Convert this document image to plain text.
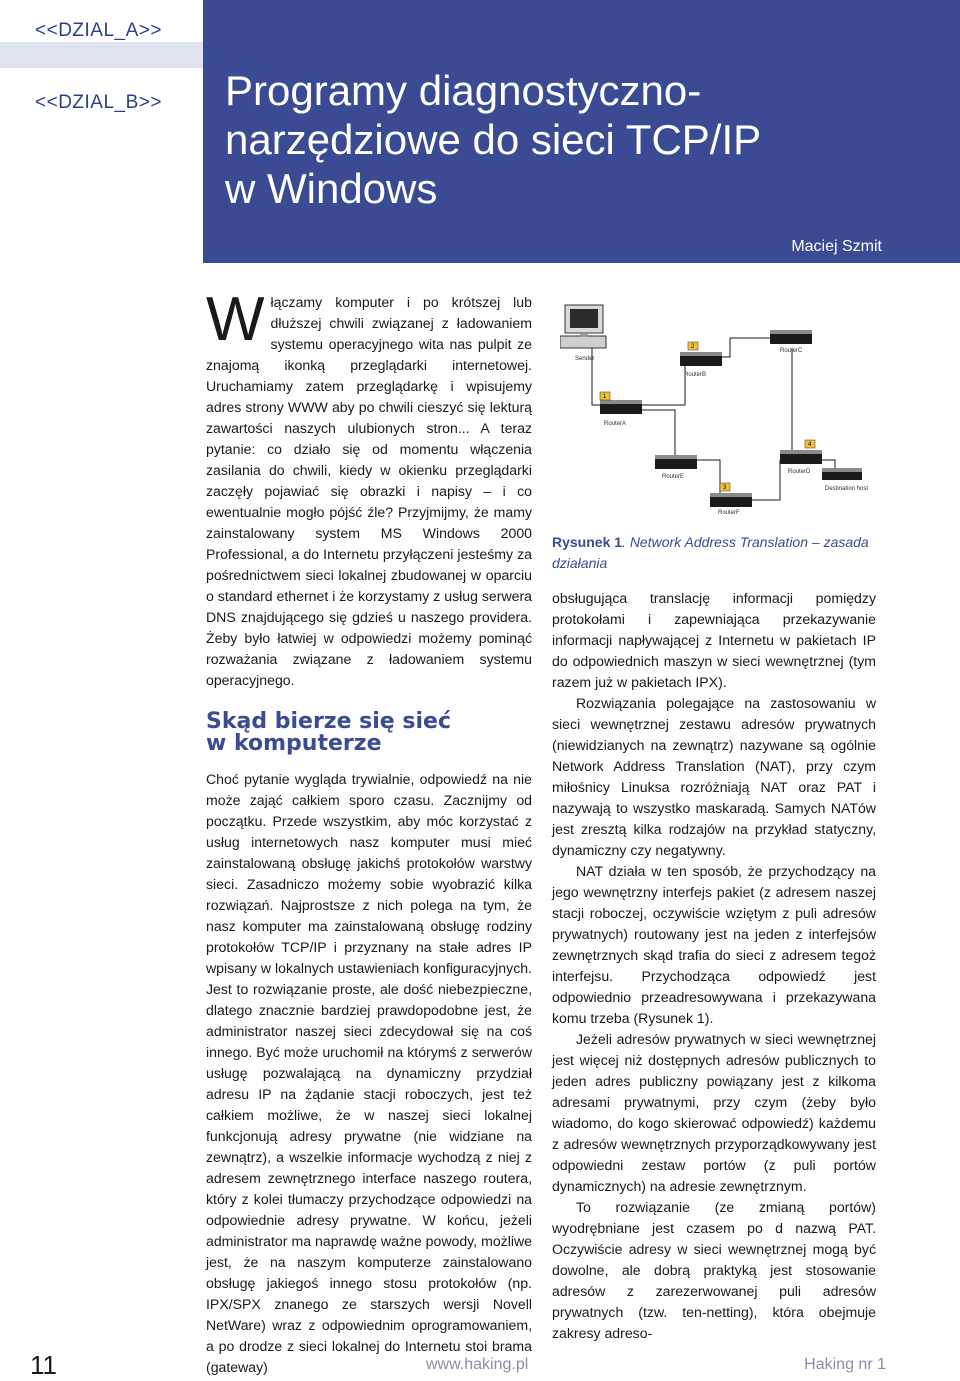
<<DZIAL_A>>
<<DZIAL_B>> Programy diagnostyczno-
narzędziowe do sieci TCP/IP
w Windows
Maciej Szmit

Włączamy komputer i po krótszej lub dłuższej chwili związanej z ładowaniem systemu operacyjnego wita nas pulpit ze znajomą ikonką przeglądarki internetowej. Uruchamiamy zatem przeglądarkę i wpisujemy adres strony WWW aby po chwili cieszyć się lekturą zawartości naszych ulubionych stron... A teraz pytanie: co działo się od momentu włączenia zasilania do chwili, kiedy w okienku przeglądarki zaczęły pojawiać się obrazki i napisy – i co ewentualnie mogło pójść źle? Przyjmijmy, że mamy zainstalowany system MS Windows 2000 Professional, a do Internetu przyłączeni jesteśmy za pośrednictwem sieci lokalnej zbudowanej w oparciu o standard ethernet i że korzystamy z usług serwera DNS znajdującego się gdzieś u naszego providera. Żeby było łatwiej w odpowiedzi możemy pominąć rozważania związane z ładowaniem systemu operacyjnego.

Skąd bierze się sieć
w komputerze

Choć pytanie wygląda trywialnie, odpowiedź na nie może zająć całkiem sporo czasu. Zacznijmy od początku. Przede wszystkim, aby móc korzystać z usług internetowych nasz komputer musi mieć zainstalowaną obsługę jakichś protokołów warstwy sieci. Zasadniczo możemy sobie wyobrazić kilka rozwiązań. Najprostsze z nich polega na tym, że nasz komputer ma zainstalowaną obsługę rodziny protokołów TCP/IP i przyznany na stałe adres IP wpisany w lokalnych ustawieniach konfiguracyjnych. Jest to rozwiązanie proste, ale dość niebezpieczne, dlatego znacznie bardziej prawdopodobne jest, że administrator naszej sieci zdecydował się na coś innego. Być może uruchomił na którymś z serwerów usługę pozwalającą na dynamiczny przydział adresu IP na żądanie stacji roboczych, jest też całkiem możliwe, że w naszej sieci lokalnej funkcjonują adresy prywatne (nie widziane na zewnątrz), a wszelkie informacje wychodzą z niej z adresem zewnętrznego interface naszego routera, który z kolei tłumaczy przychodzące odpowiedzi na odpowiednie adresy prywatne. W końcu, jeżeli administrator ma naprawdę ważne powody, możliwe jest, że na naszym komputerze zainstalowano obsługę jakiegoś innego stosu protokołów (np. IPX/SPX znanego ze starszych wersji Novell NetWare) wraz z odpowiednim oprogramowaniem, a po drodze z sieci lokalnej do Internetu stoi brama (gateway)

Sender
1
RouterA
2
RouterB
RouterC
RouterE
4
RouterD
3
RouterF
Destination host
Rysunek 1. Network Address Translation – zasada działania

obsługująca translację informacji pomiędzy protokołami i zapewniająca przekazywanie informacji napływającej z Internetu w pakietach IP do odpowiednich maszyn w sieci wewnętrznej (tym razem już w pakietach IPX).

Rozwiązania polegające na zastosowaniu w sieci wewnętrznej zestawu adresów prywatnych (niewidzianych na zewnątrz) nazywane są ogólnie Network Address Translation (NAT), przy czym miłośnicy Linuksa rozróżniają NAT oraz PAT i nazywają to wszystko maskaradą. Samych NATów jest zresztą kilka rodzajów na przykład statyczny, dynamiczny czy negatywny.

NAT działa w ten sposób, że przychodzący na jego wewnętrzny interfejs pakiet (z adresem naszej stacji roboczej, oczywiście wziętym z puli adresów prywatnych) routowany jest na jeden z interfejsów zewnętrznych skąd trafia do sieci z adresem tegoż interfejsu. Przychodząca odpowiedź jest odpowiednio przeadresowywana i przekazywana komu trzeba (Rysunek 1).

Jeżeli adresów prywatnych w sieci wewnętrznej jest więcej niż dostępnych adresów publicznych to jeden adres publiczny powiązany jest z kilkoma adresami prywatnymi, przy czym (żeby było wiadomo, do kogo skierować odpowiedź) każdemu z adresów wewnętrznych przyporządkowywany jest odpowiedni zestaw portów (z puli portów dynamicznych) na adresie zewnętrznym.

To rozwiązanie (ze zmianą portów) wyodrębniane jest czasem po d nazwą PAT. Oczywiście adresy w sieci wewnętrznej mogą być dowolne, ale dobrą praktyką jest stosowanie adresów z zarezerwowanej puli adresów prywatnych (tzw. ten-netting), która obejmuje zakresy adreso-

11	www.haking.pl	Haking nr 1
